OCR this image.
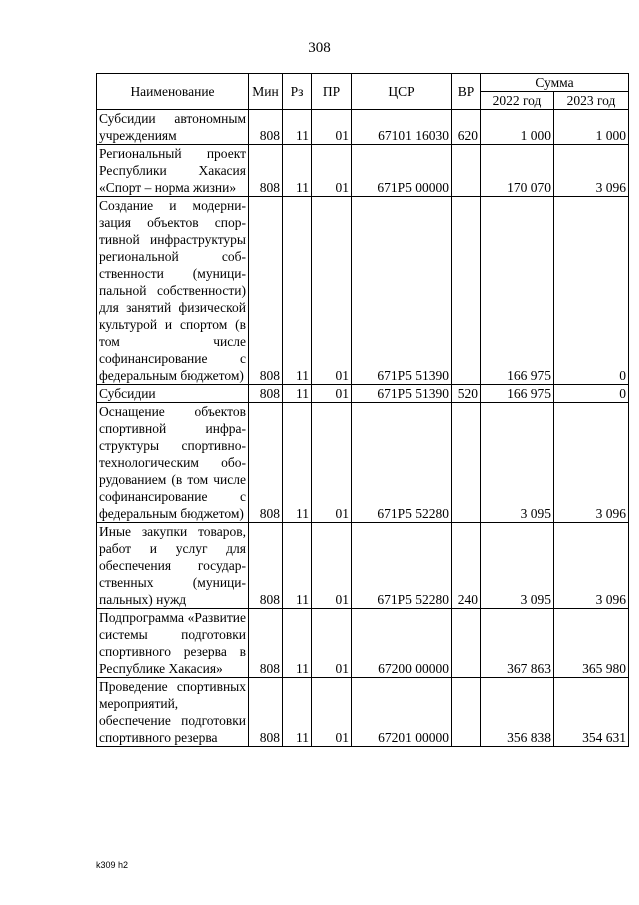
308
Наименование	Мин	Рз	ПР	ЦСР	ВР	Сумма	
						2022 год	2023 год

Субсидии автономным учреждениям	808	11	01	67101 16030	620	1 000	1 000

Региональный проект Республики Хакасия «Спорт – норма жизни»	808	11	01	671Р5 00000		170 070	3 096

Создание и модернизация объектов спортивной инфраструктуры региональной собственности (муниципальной собственности) для занятий физической культурой и спортом (в том числе софинансирование с федеральным бюджетом)	808	11	01	671Р5 51390		166 975	0

Субсидии	808	11	01	671Р5 51390	520	166 975	0

Оснащение объектов спортивной инфраструктуры спортивно-технологическим оборудованием (в том числе софинансирование с федеральным бюджетом)	808	11	01	671Р5 52280		3 095	3 096

Иные закупки товаров, работ и услуг для обеспечения государственных (муниципальных) нужд	808	11	01	671Р5 52280	240	3 095	3 096

Подпрограмма «Развитие системы подготовки спортивного резерва в Республике Хакасия»	808	11	01	67200 00000		367 863	365 980

Проведение спортивных мероприятий, обеспечение подготовки спортивного резерва	808	11	01	67201 00000		356 838	354 631
k309 h2
